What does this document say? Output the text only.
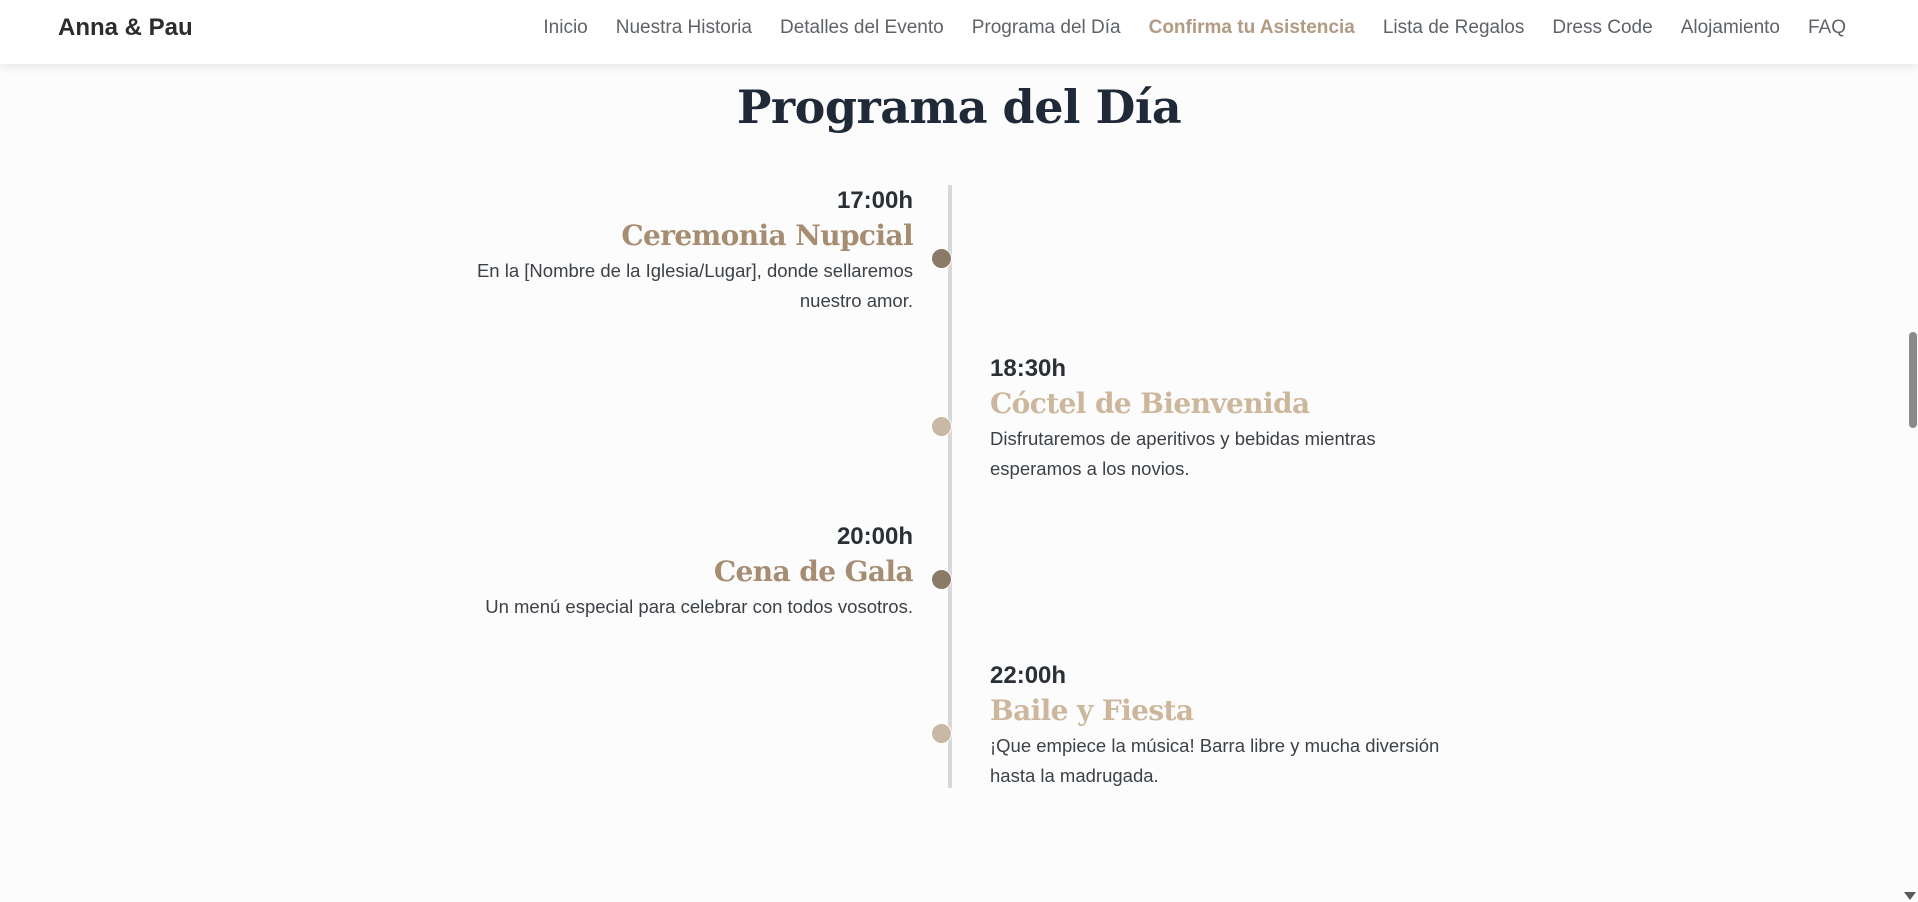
Anna & Pau	Inicio Nuestra Historia Detalles del Evento Programa del Día Confirma tu Asistencia Lista de Regalos Dress Code Alojamiento FAQ
Programa del Día
17:00h
Ceremonia Nupcial
En la [Nombre de la Iglesia/Lugar], donde sellaremos nuestro amor.
18:30h
Cóctel de Bienvenida
Disfrutaremos de aperitivos y bebidas mientras esperamos a los novios.
20:00h
Cena de Gala
Un menú especial para celebrar con todos vosotros.
22:00h
Baile y Fiesta
¡Que empiece la música! Barra libre y mucha diversión hasta la madrugada.
